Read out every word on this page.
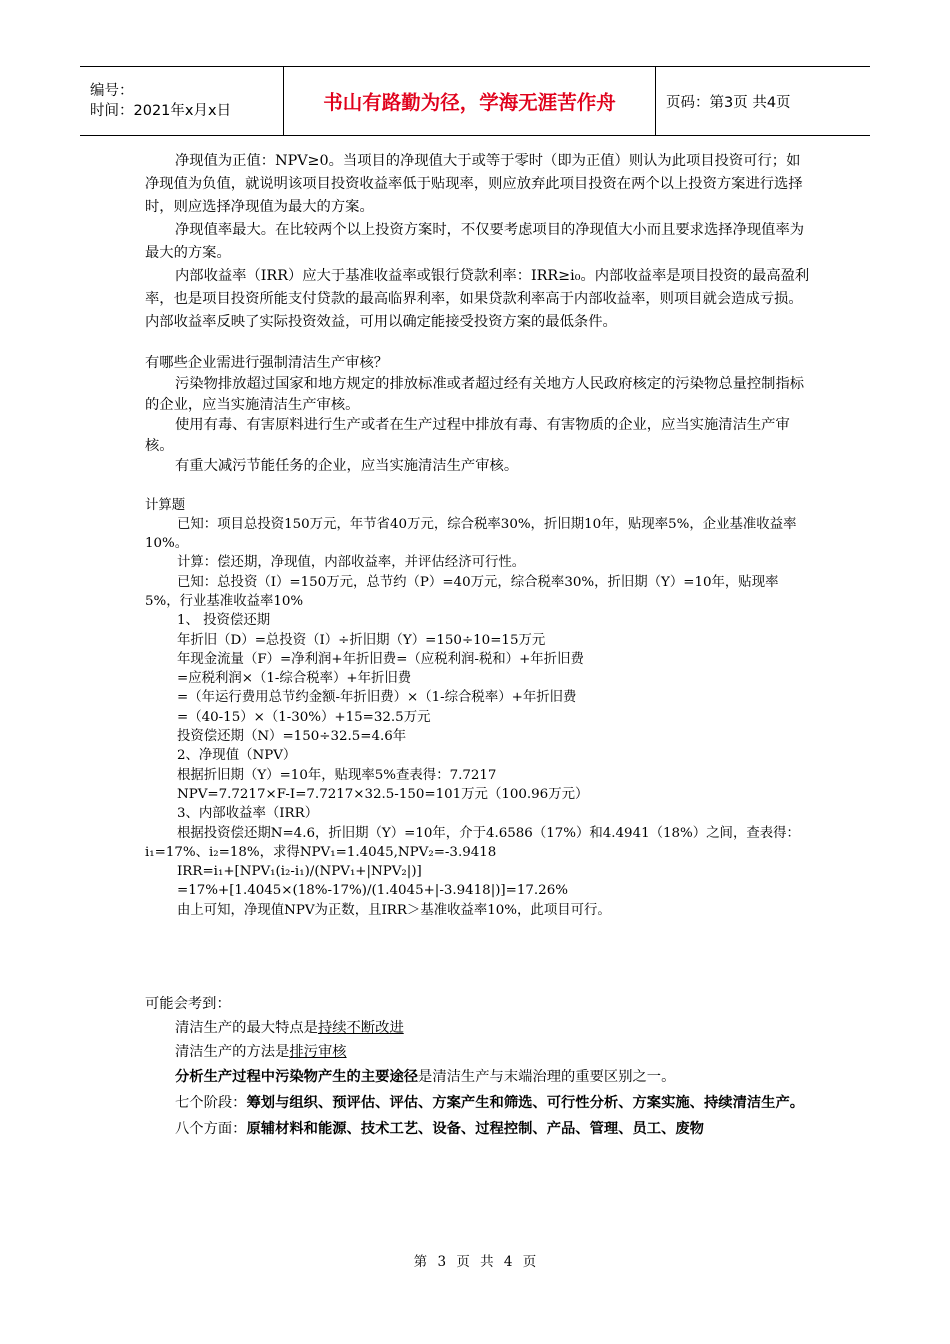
编号：
时间：2021年x月x日	书山有路勤为径，学海无涯苦作舟	页码：第3页 共4页

净现值为正值：NPV≥0。当项目的净现值大于或等于零时（即为正值）则认为此项目投资可行；如净现值为负值，就说明该项目投资收益率低于贴现率，则应放弃此项目投资在两个以上投资方案进行选择时，则应选择净现值为最大的方案。

净现值率最大。在比较两个以上投资方案时，不仅要考虑项目的净现值大小而且要求选择净现值率为最大的方案。

内部收益率（IRR）应大于基准收益率或银行贷款利率：IRR≥i₀。内部收益率是项目投资的最高盈利率，也是项目投资所能支付贷款的最高临界利率，如果贷款利率高于内部收益率，则项目就会造成亏损。内部收益率反映了实际投资效益，可用以确定能接受投资方案的最低条件。

有哪些企业需进行强制清洁生产审核？

污染物排放超过国家和地方规定的排放标准或者超过经有关地方人民政府核定的污染物总量控制指标的企业，应当实施清洁生产审核。

使用有毒、有害原料进行生产或者在生产过程中排放有毒、有害物质的企业，应当实施清洁生产审核。

有重大减污节能任务的企业，应当实施清洁生产审核。

计算题

已知：项目总投资150万元，年节省40万元，综合税率30%，折旧期10年，贴现率5%，企业基准收益率10%。

计算：偿还期，净现值，内部收益率，并评估经济可行性。

已知：总投资（I）=150万元，总节约（P）=40万元，综合税率30%，折旧期（Y）=10年，贴现率5%，行业基准收益率10%

1、 投资偿还期

年折旧（D）=总投资（I）÷折旧期（Y）=150÷10=15万元

年现金流量（F）=净利润+年折旧费=（应税利润-税和）+年折旧费

=应税利润×（1-综合税率）+年折旧费

=（年运行费用总节约金额-年折旧费）×（1-综合税率）+年折旧费

=（40-15）×（1-30%）+15=32.5万元

投资偿还期（N）=150÷32.5=4.6年

2、净现值（NPV）

根据折旧期（Y）=10年，贴现率5%查表得：7.7217

NPV=7.7217×F-I=7.7217×32.5-150=101万元（100.96万元）

3、内部收益率（IRR）

根据投资偿还期N=4.6，折旧期（Y）=10年，介于4.6586（17%）和4.4941（18%）之间，查表得：i₁=17%、i₂=18%，求得NPV₁=1.4045,NPV₂=-3.9418

IRR=i₁+[NPV₁(i₂-i₁)/(NPV₁+|NPV₂|)]

=17%+[1.4045×(18%-17%)/(1.4045+|-3.9418|)]=17.26%

由上可知，净现值NPV为正数，且IRR＞基准收益率10%，此项目可行。

可能会考到：

清洁生产的最大特点是持续不断改进

清洁生产的方法是排污审核

分析生产过程中污染物产生的主要途径是清洁生产与末端治理的重要区别之一。

七个阶段：筹划与组织、预评估、评估、方案产生和筛选、可行性分析、方案实施、持续清洁生产。

八个方面：原辅材料和能源、技术工艺、设备、过程控制、产品、管理、员工、废物

第 3 页 共 4 页
